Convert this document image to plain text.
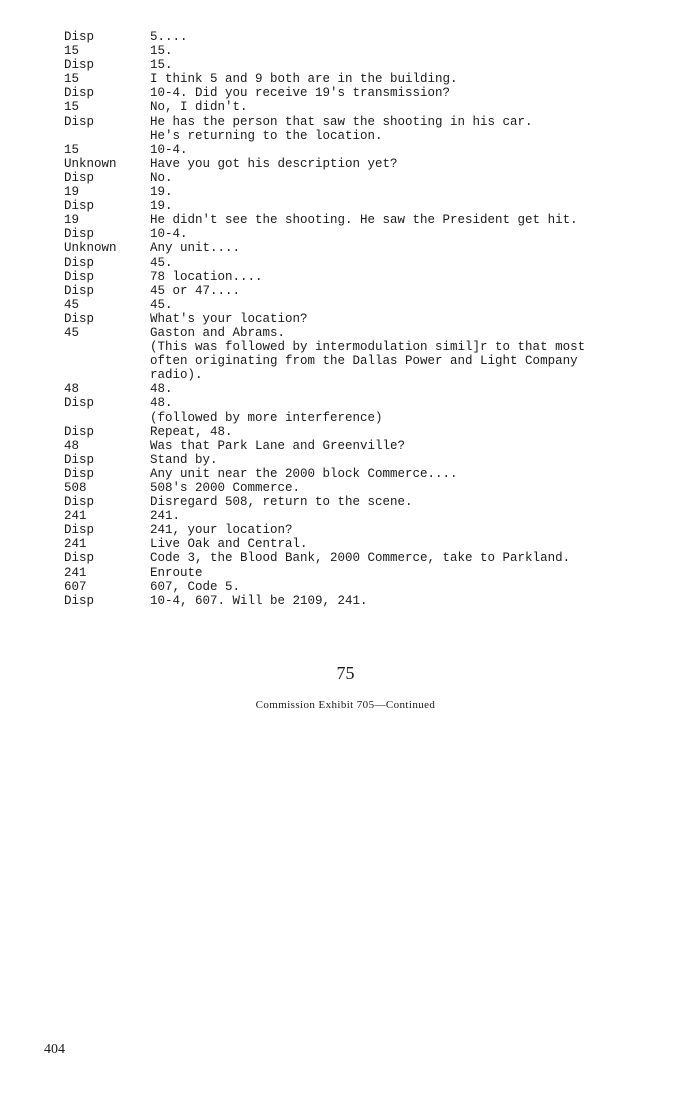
Disp	5....
15	15.
Disp	15.
15	I think 5 and 9 both are in the building.
Disp	10-4. Did you receive 19's transmission?
15	No, I didn't.
Disp	He has the person that saw the shooting in his car.
He's returning to the location.
15	10-4.
Unknown	Have you got his description yet?
Disp	No.
19	19.
Disp	19.
19	He didn't see the shooting. He saw the President get hit.
Disp	10-4.
Unknown	Any unit....
Disp	45.
Disp	78 location....
Disp	45 or 47....
45	45.
Disp	What's your location?
45	Gaston and Abrams.
(This was followed by intermodulation simil]r to that most
often originating from the Dallas Power and Light Company
radio).
48	48.
Disp	48.
(followed by more interference)
Disp	Repeat, 48.
48	Was that Park Lane and Greenville?
Disp	Stand by.
Disp	Any unit near the 2000 block Commerce....
508	508's 2000 Commerce.
Disp	Disregard 508, return to the scene.
241	241.
Disp	241, your location?
241	Live Oak and Central.
Disp	Code 3, the Blood Bank, 2000 Commerce, take to Parkland.
241	Enroute
607	607, Code 5.
Disp	10-4, 607. Will be 2109, 241.
75
Commission Exhibit 705—Continued
404
